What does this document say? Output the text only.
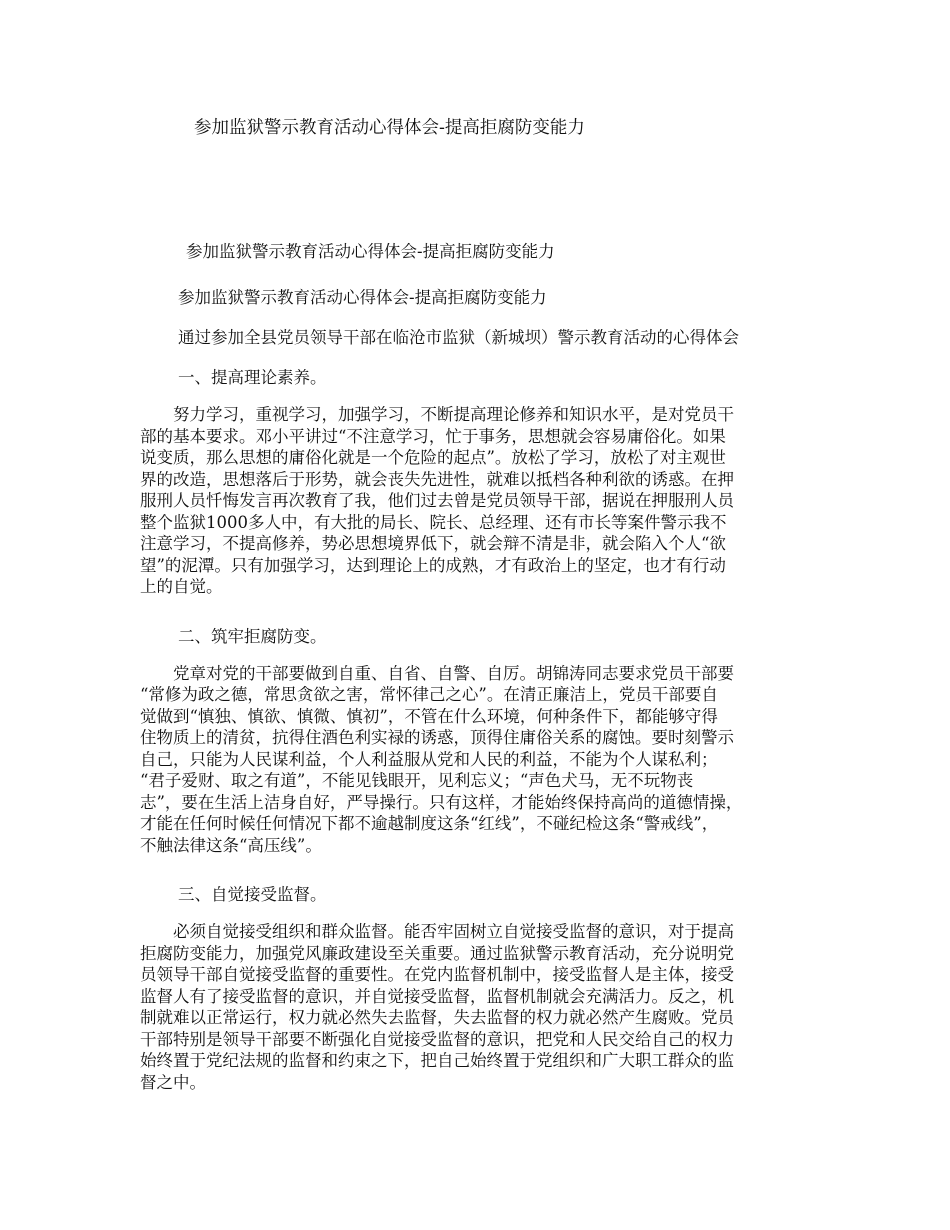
参加监狱警示教育活动心得体会-提高拒腐防变能力

参加监狱警示教育活动心得体会-提高拒腐防变能力

参加监狱警示教育活动心得体会-提高拒腐防变能力

通过参加全县党员领导干部在临沧市监狱（新城坝）警示教育活动的心得体会

一、提高理论素养。

　　努力学习，重视学习，加强学习，不断提高理论修养和知识水平，是对党员干
部的基本要求。邓小平讲过“不注意学习，忙于事务，思想就会容易庸俗化。如果
说变质，那么思想的庸俗化就是一个危险的起点”。放松了学习，放松了对主观世
界的改造，思想落后于形势，就会丧失先进性，就难以抵档各种利欲的诱惑。在押
服刑人员忏悔发言再次教育了我，他们过去曾是党员领导干部，据说在押服刑人员
整个监狱1000多人中，有大批的局长、院长、总经理、还有市长等案件警示我不
注意学习，不提高修养，势必思想境界低下，就会辩不清是非，就会陷入个人“欲
望”的泥潭。只有加强学习，达到理论上的成熟，才有政治上的坚定，也才有行动
上的自觉。

二、筑牢拒腐防变。

　　党章对党的干部要做到自重、自省、自警、自厉。胡锦涛同志要求党员干部要
“常修为政之德，常思贪欲之害，常怀律己之心”。在清正廉洁上，党员干部要自
觉做到“慎独、慎欲、慎微、慎初”，不管在什么环境，何种条件下，都能够守得
住物质上的清贫，抗得住酒色利实禄的诱惑，顶得住庸俗关系的腐蚀。要时刻警示
自己，只能为人民谋利益，个人利益服从党和人民的利益，不能为个人谋私利；
“君子爱财、取之有道”，不能见钱眼开，见利忘义；“声色犬马，无不玩物丧
志”，要在生活上洁身自好，严导操行。只有这样，才能始终保持高尚的道德情操，
才能在任何时候任何情况下都不逾越制度这条“红线”，不碰纪检这条“警戒线”，
不触法律这条“高压线”。

三、自觉接受监督。

　　必须自觉接受组织和群众监督。能否牢固树立自觉接受监督的意识，对于提高
拒腐防变能力，加强党风廉政建设至关重要。通过监狱警示教育活动，充分说明党
员领导干部自觉接受监督的重要性。在党内监督机制中，接受监督人是主体，接受
监督人有了接受监督的意识，并自觉接受监督，监督机制就会充满活力。反之，机
制就难以正常运行，权力就必然失去监督，失去监督的权力就必然产生腐败。党员
干部特别是领导干部要不断强化自觉接受监督的意识，把党和人民交给自己的权力
始终置于党纪法规的监督和约束之下，把自己始终置于党组织和广大职工群众的监
督之中。
